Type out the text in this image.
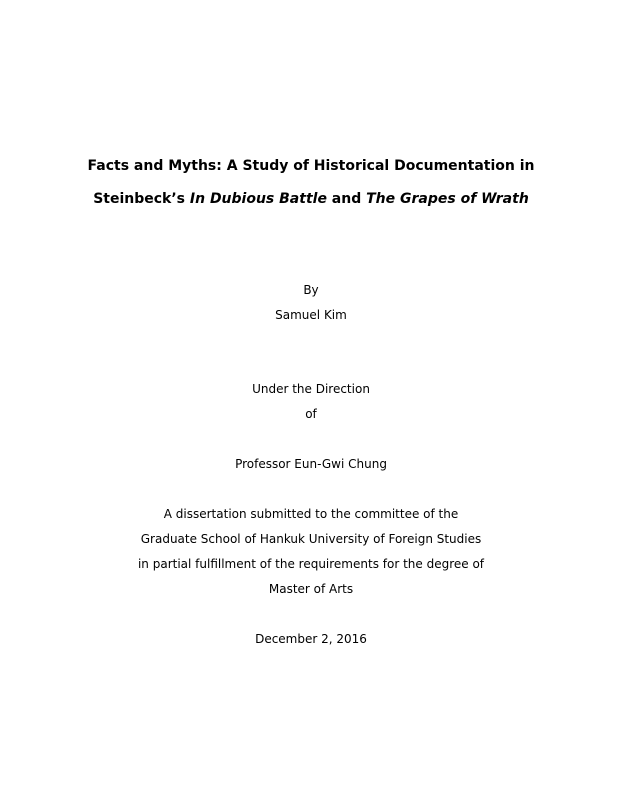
Facts and Myths: A Study of Historical Documentation in
Steinbeck’s In Dubious Battle and The Grapes of Wrath
By
Samuel Kim
Under the Direction
of
Professor Eun-Gwi Chung
A dissertation submitted to the committee of the
Graduate School of Hankuk University of Foreign Studies
in partial fulfillment of the requirements for the degree of
Master of Arts
December 2, 2016
